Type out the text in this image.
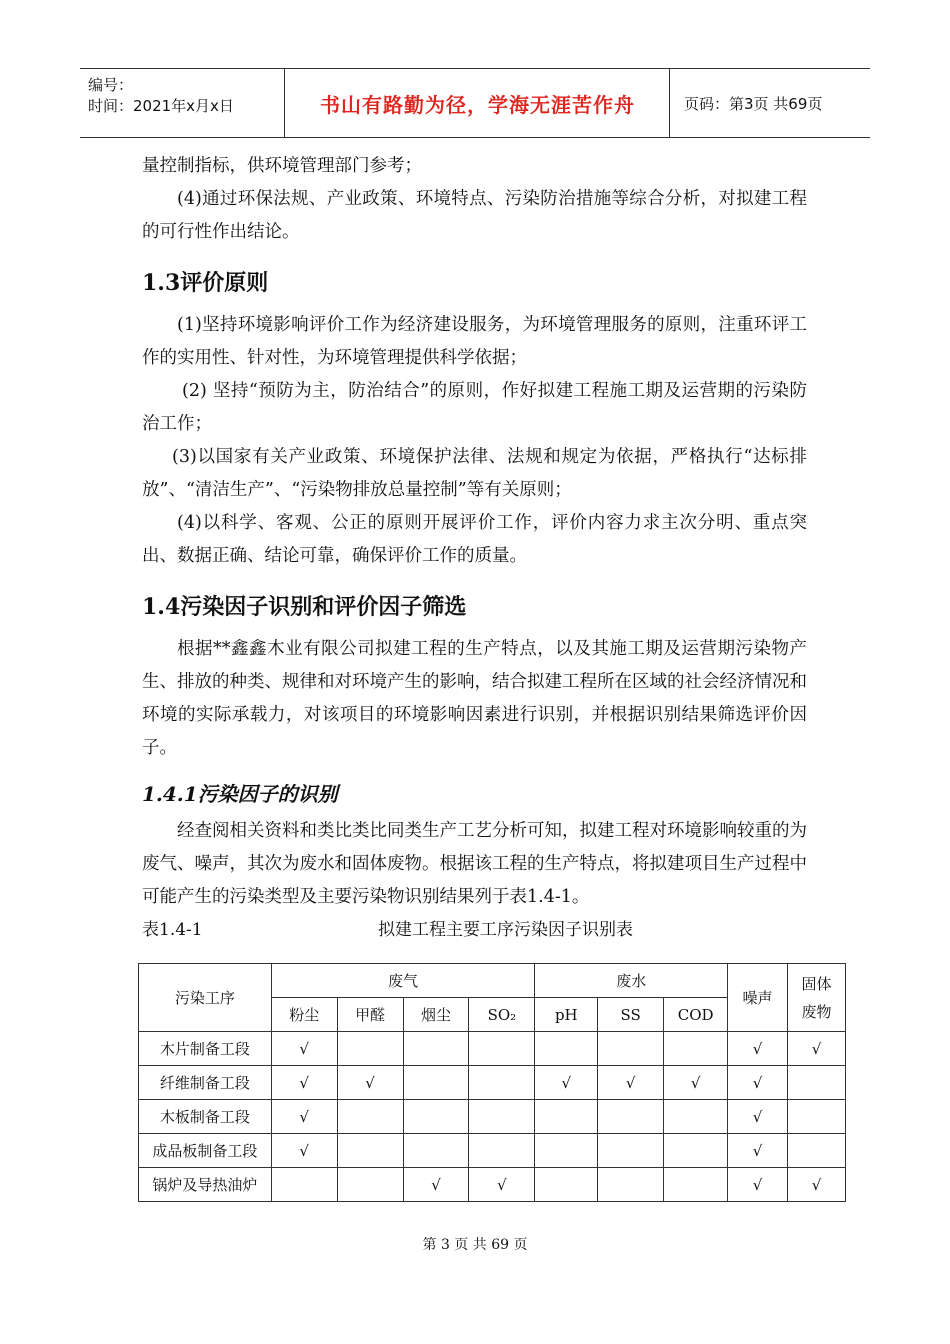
编号：
时间：2021年x月x日	书山有路勤为径，学海无涯苦作舟	页码：第3页 共69页

量控制指标，供环境管理部门参考；

(4)通过环保法规、产业政策、环境特点、污染防治措施等综合分析，对拟建工程的可行性作出结论。

1.3评价原则

(1)坚持环境影响评价工作为经济建设服务，为环境管理服务的原则，注重环评工作的实用性、针对性，为环境管理提供科学依据；

(2) 坚持“预防为主，防治结合”的原则，作好拟建工程施工期及运营期的污染防治工作；

(3)以国家有关产业政策、环境保护法律、法规和规定为依据，严格执行“达标排放”、“清洁生产”、“污染物排放总量控制”等有关原则；

(4)以科学、客观、公正的原则开展评价工作，评价内容力求主次分明、重点突出、数据正确、结论可靠，确保评价工作的质量。

1.4污染因子识别和评价因子筛选

根据**鑫鑫木业有限公司拟建工程的生产特点，以及其施工期及运营期污染物产生、排放的种类、规律和对环境产生的影响，结合拟建工程所在区域的社会经济情况和环境的实际承载力，对该项目的环境影响因素进行识别，并根据识别结果筛选评价因子。

1.4.1污染因子的识别

经查阅相关资料和类比类比同类生产工艺分析可知，拟建工程对环境影响较重的为废气、噪声，其次为废水和固体废物。根据该工程的生产特点，将拟建项目生产过程中可能产生的污染类型及主要污染物识别结果列于表1.4-1。

表1.4-1	拟建工程主要工序污染因子识别表
污染工序	废气				废水			噪声	固体废物
	粉尘	甲醛	烟尘	SO₂	pH	SS	COD		
木片制备工段	√							√	√
纤维制备工段	√	√			√	√	√	√	
木板制备工段	√							√	
成品板制备工段	√							√	
锅炉及导热油炉			√	√				√	√
第 3 页 共 69 页
